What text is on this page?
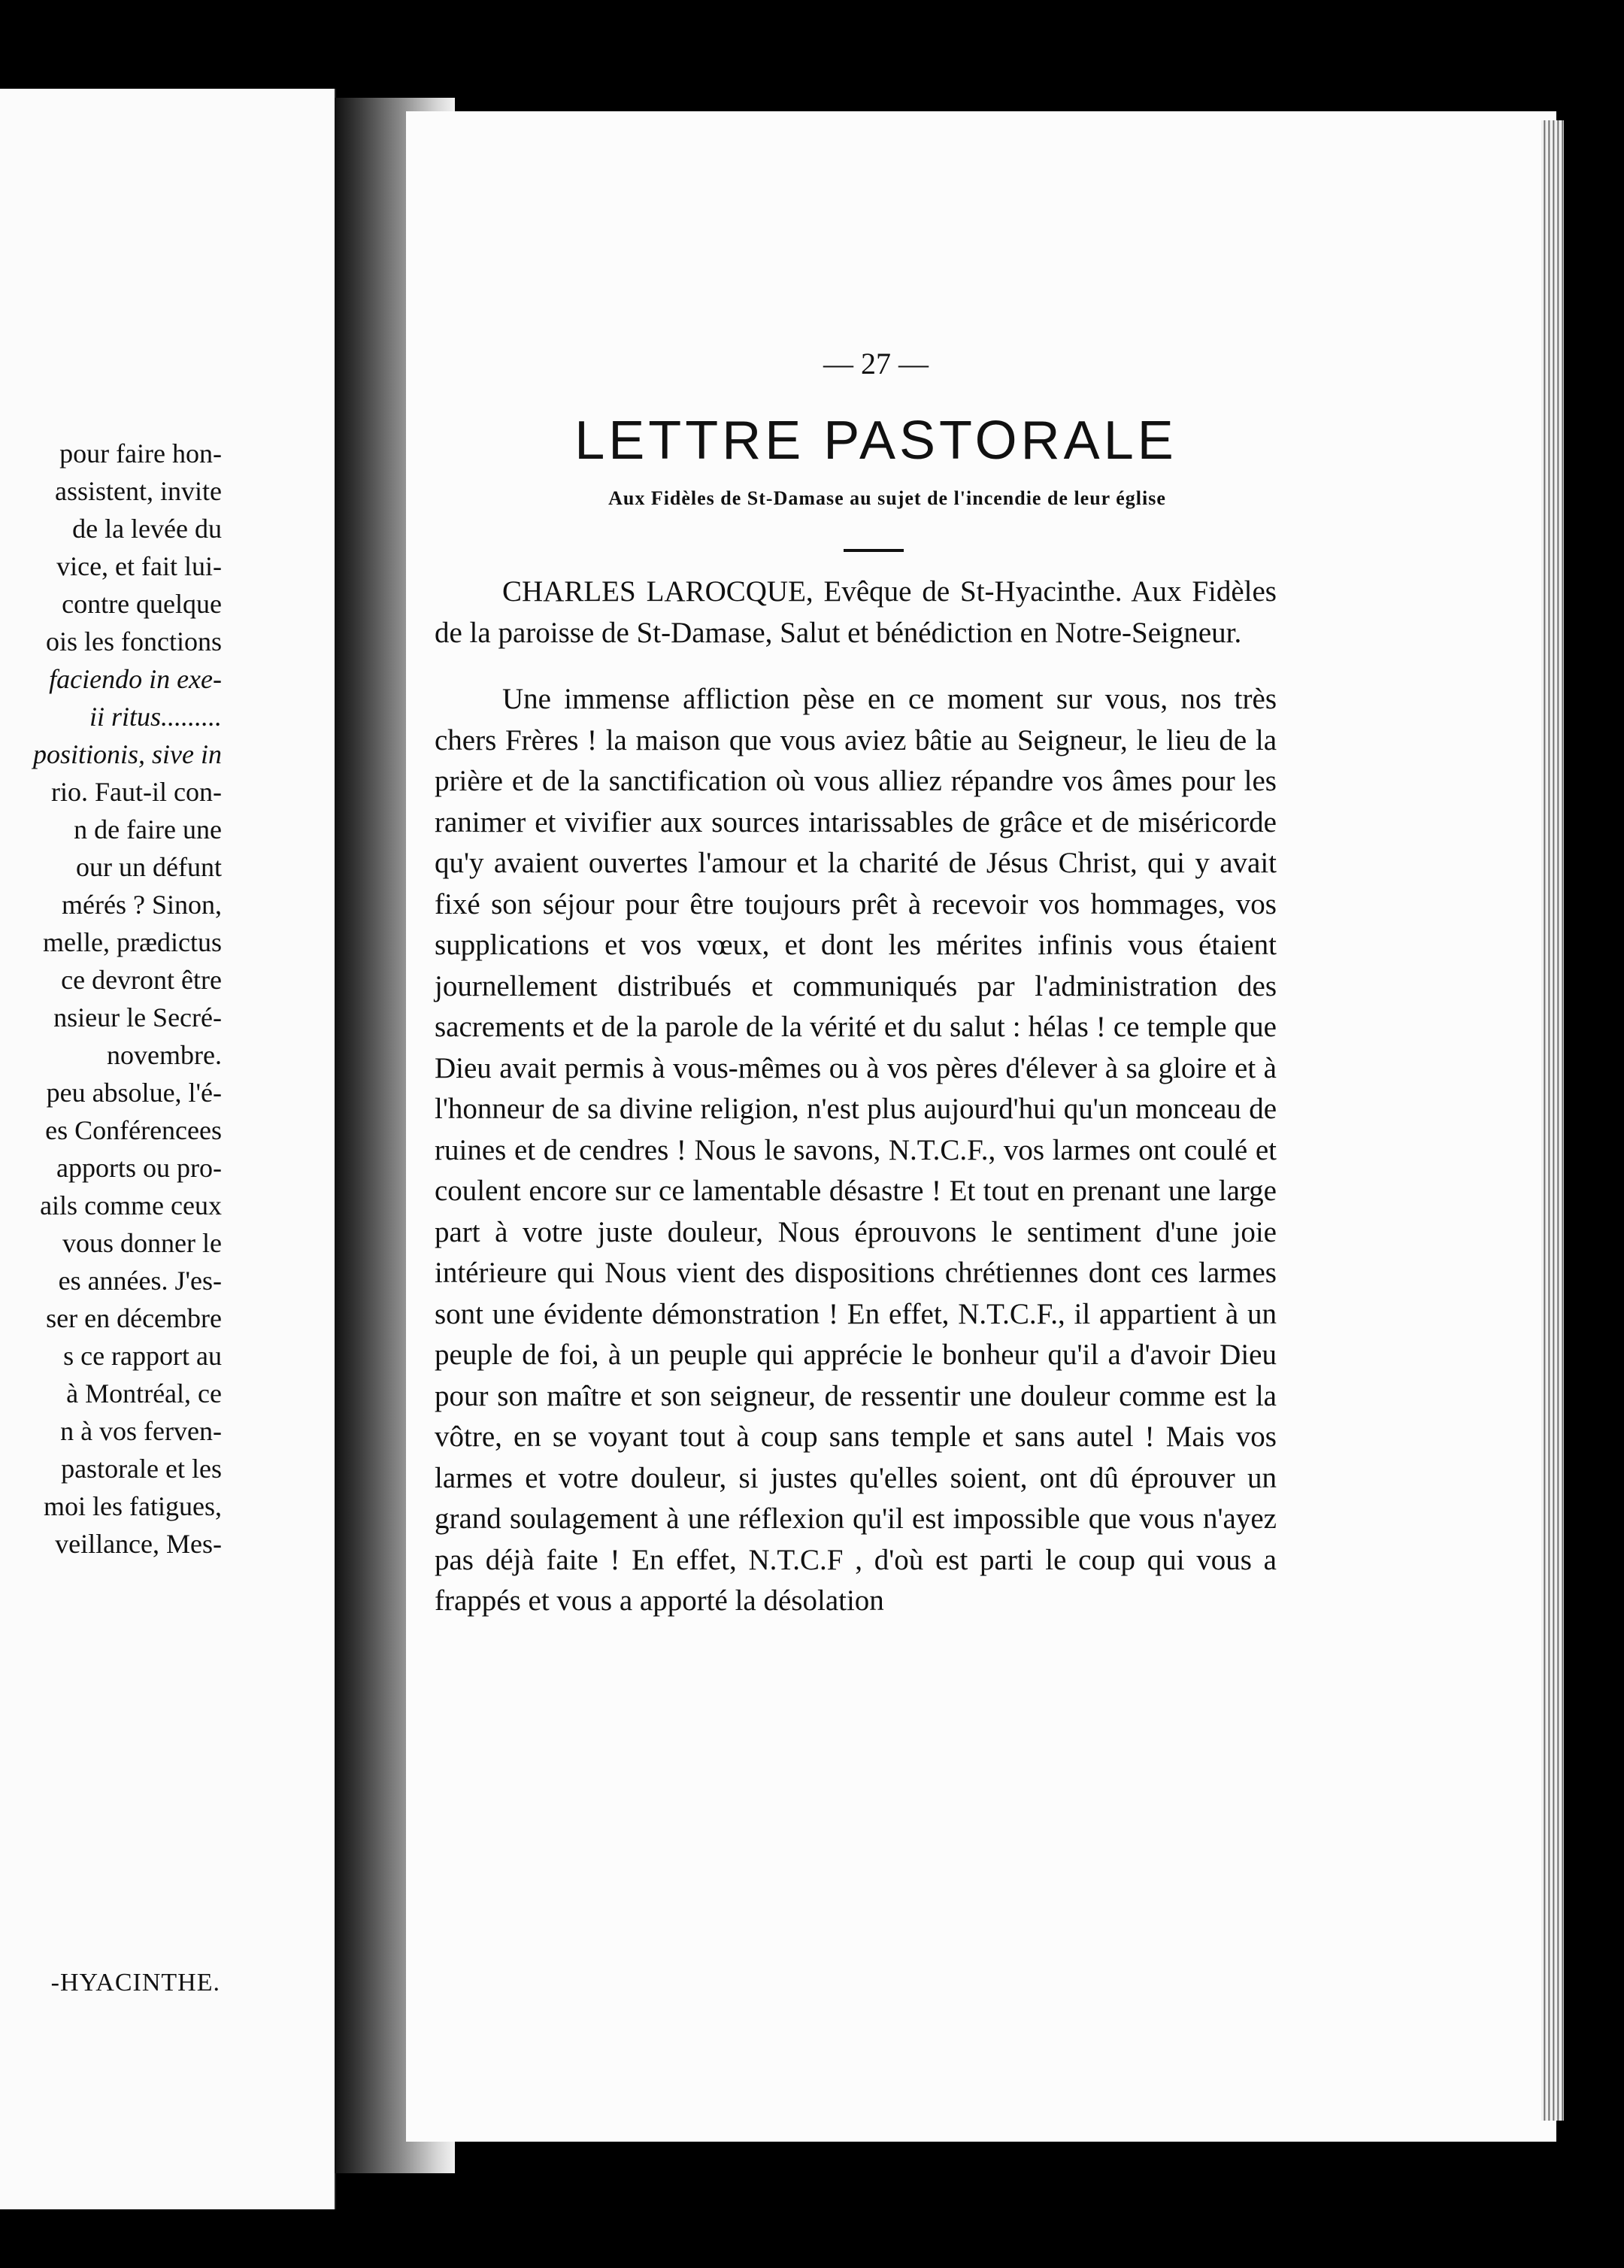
pour faire hon-
assistent, invite
de la levée du
vice, et fait lui-
contre quelque
ois les fonctions
faciendo in exe-
ii ritus.........
positionis, sive in
rio. Faut-il con-
n de faire une
our un défunt
mérés ? Sinon,
melle, prædictus
ce devront être
nsieur le Secré-
novembre.
peu absolue, l'é-
es Conférencees
apports ou pro-
ails comme ceux
vous donner le
es années. J'es-
ser en décembre
s ce rapport au
à Montréal, ce
n à vos ferven-
pastorale et les
moi les fatigues,
veillance, Mes-
-HYACINTHE.
— 27 —
LETTRE PASTORALE
Aux Fidèles de St-Damase au sujet de l'incendie de leur église

CHARLES LAROCQUE, Evêque de St-Hyacinthe. Aux Fidèles de la paroisse de St-Damase, Salut et bénédiction en Notre-Seigneur.

Une immense affliction pèse en ce moment sur vous, nos très chers Frères ! la maison que vous aviez bâtie au Seigneur, le lieu de la prière et de la sanctification où vous alliez répandre vos âmes pour les ranimer et vivifier aux sources intarissables de grâce et de miséricorde qu'y avaient ouvertes l'amour et la charité de Jésus Christ, qui y avait fixé son séjour pour être toujours prêt à recevoir vos hommages, vos supplications et vos vœux, et dont les mérites infinis vous étaient journellement distribués et communiqués par l'administration des sacrements et de la parole de la vérité et du salut : hélas ! ce temple que Dieu avait permis à vous-mêmes ou à vos pères d'élever à sa gloire et à l'honneur de sa divine religion, n'est plus aujourd'hui qu'un monceau de ruines et de cendres ! Nous le savons, N.T.C.F., vos larmes ont coulé et coulent encore sur ce lamentable désastre ! Et tout en prenant une large part à votre juste douleur, Nous éprouvons le sentiment d'une joie intérieure qui Nous vient des dispositions chrétiennes dont ces larmes sont une évidente démonstration ! En effet, N.T.C.F., il appartient à un peuple de foi, à un peuple qui apprécie le bonheur qu'il a d'avoir Dieu pour son maître et son seigneur, de ressentir une douleur comme est la vôtre, en se voyant tout à coup sans temple et sans autel ! Mais vos larmes et votre douleur, si justes qu'elles soient, ont dû éprouver un grand soulagement à une réflexion qu'il est impossible que vous n'ayez pas déjà faite ! En effet, N.T.C.F , d'où est parti le coup qui vous a frappés et vous a apporté la désolation
